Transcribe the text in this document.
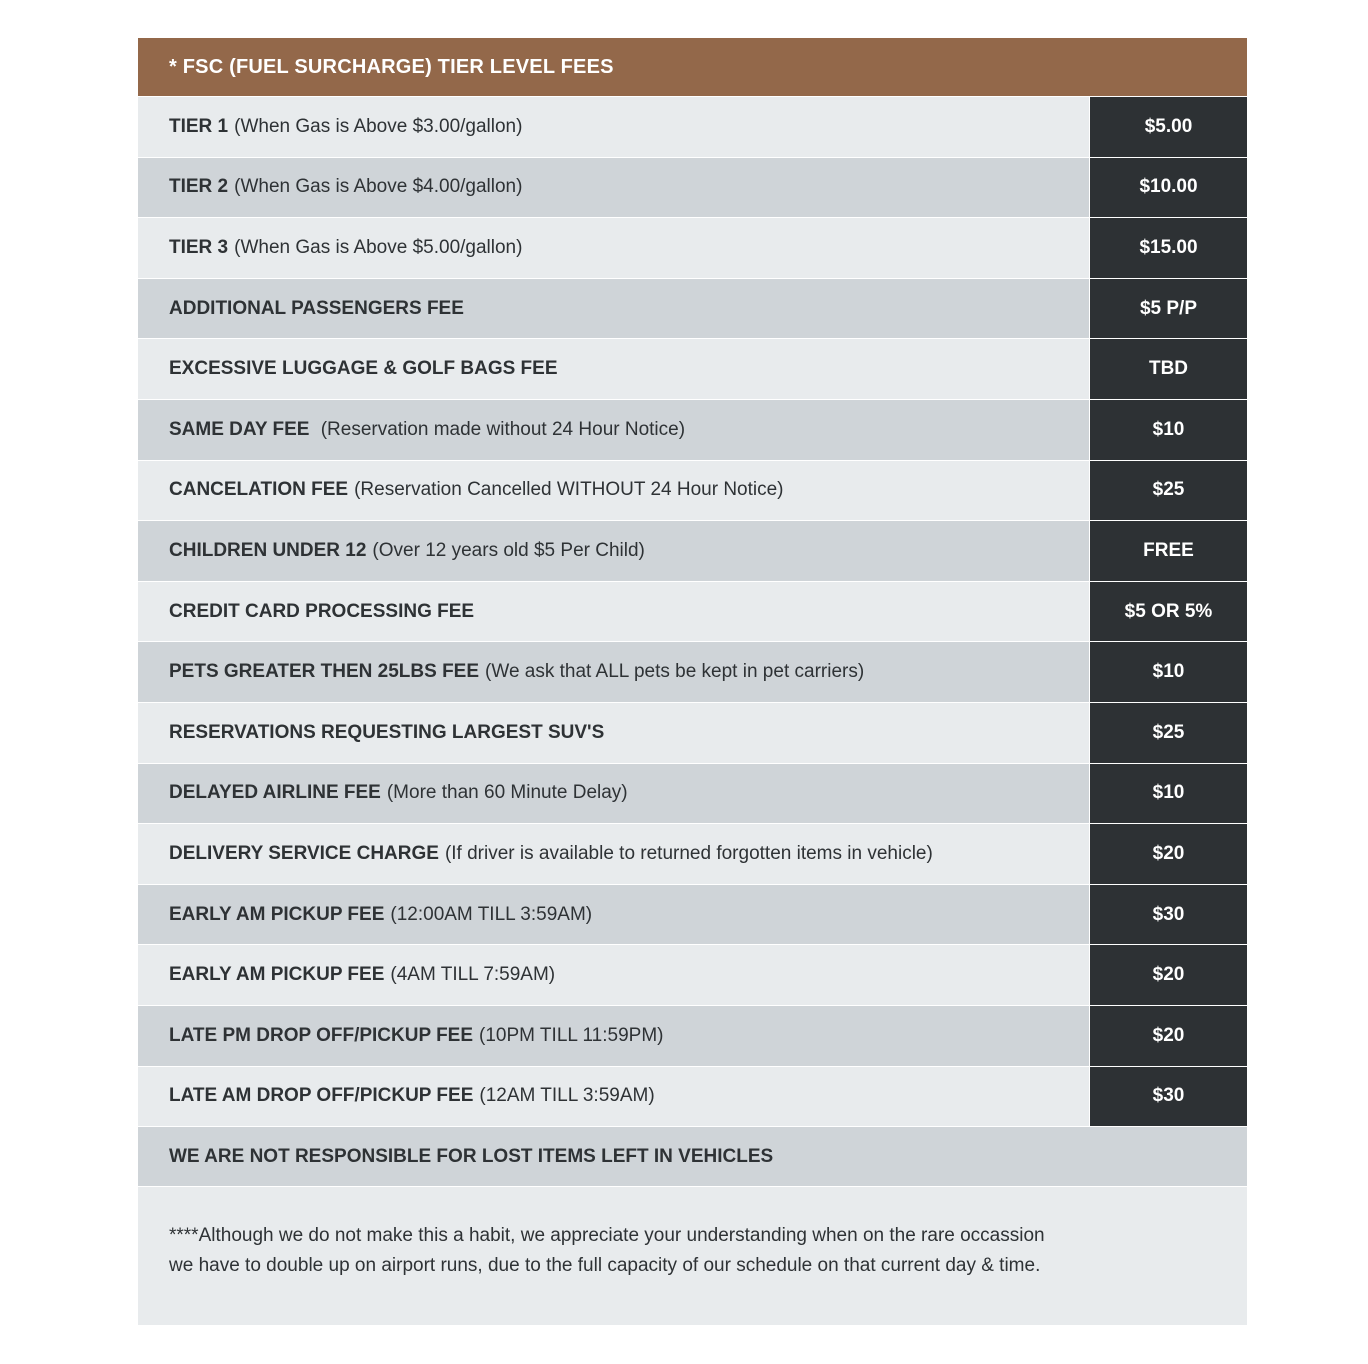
* FSC (FUEL SURCHARGE) TIER LEVEL FEES
TIER 1 (When Gas is Above $3.00/gallon)	$5.00
TIER 2 (When Gas is Above $4.00/gallon)	$10.00
TIER 3 (When Gas is Above $5.00/gallon)	$15.00
ADDITIONAL PASSENGERS FEE	$5 P/P
EXCESSIVE LUGGAGE & GOLF BAGS FEE	TBD
SAME DAY FEE (Reservation made without 24 Hour Notice)	$10
CANCELATION FEE (Reservation Cancelled WITHOUT 24 Hour Notice)	$25
CHILDREN UNDER 12 (Over 12 years old $5 Per Child)	FREE
CREDIT CARD PROCESSING FEE	$5 OR 5%
PETS GREATER THEN 25LBS FEE (We ask that ALL pets be kept in pet carriers)	$10
RESERVATIONS REQUESTING LARGEST SUV'S	$25
DELAYED AIRLINE FEE (More than 60 Minute Delay)	$10
DELIVERY SERVICE CHARGE (If driver is available to returned forgotten items in vehicle)	$20
EARLY AM PICKUP FEE (12:00AM TILL 3:59AM)	$30
EARLY AM PICKUP FEE (4AM TILL 7:59AM)	$20
LATE PM DROP OFF/PICKUP FEE (10PM TILL 11:59PM)	$20
LATE AM DROP OFF/PICKUP FEE (12AM TILL 3:59AM)	$30
WE ARE NOT RESPONSIBLE FOR LOST ITEMS LEFT IN VEHICLES
****Although we do not make this a habit, we appreciate your understanding when on the rare occassion
we have to double up on airport runs, due to the full capacity of our schedule on that current day & time.
